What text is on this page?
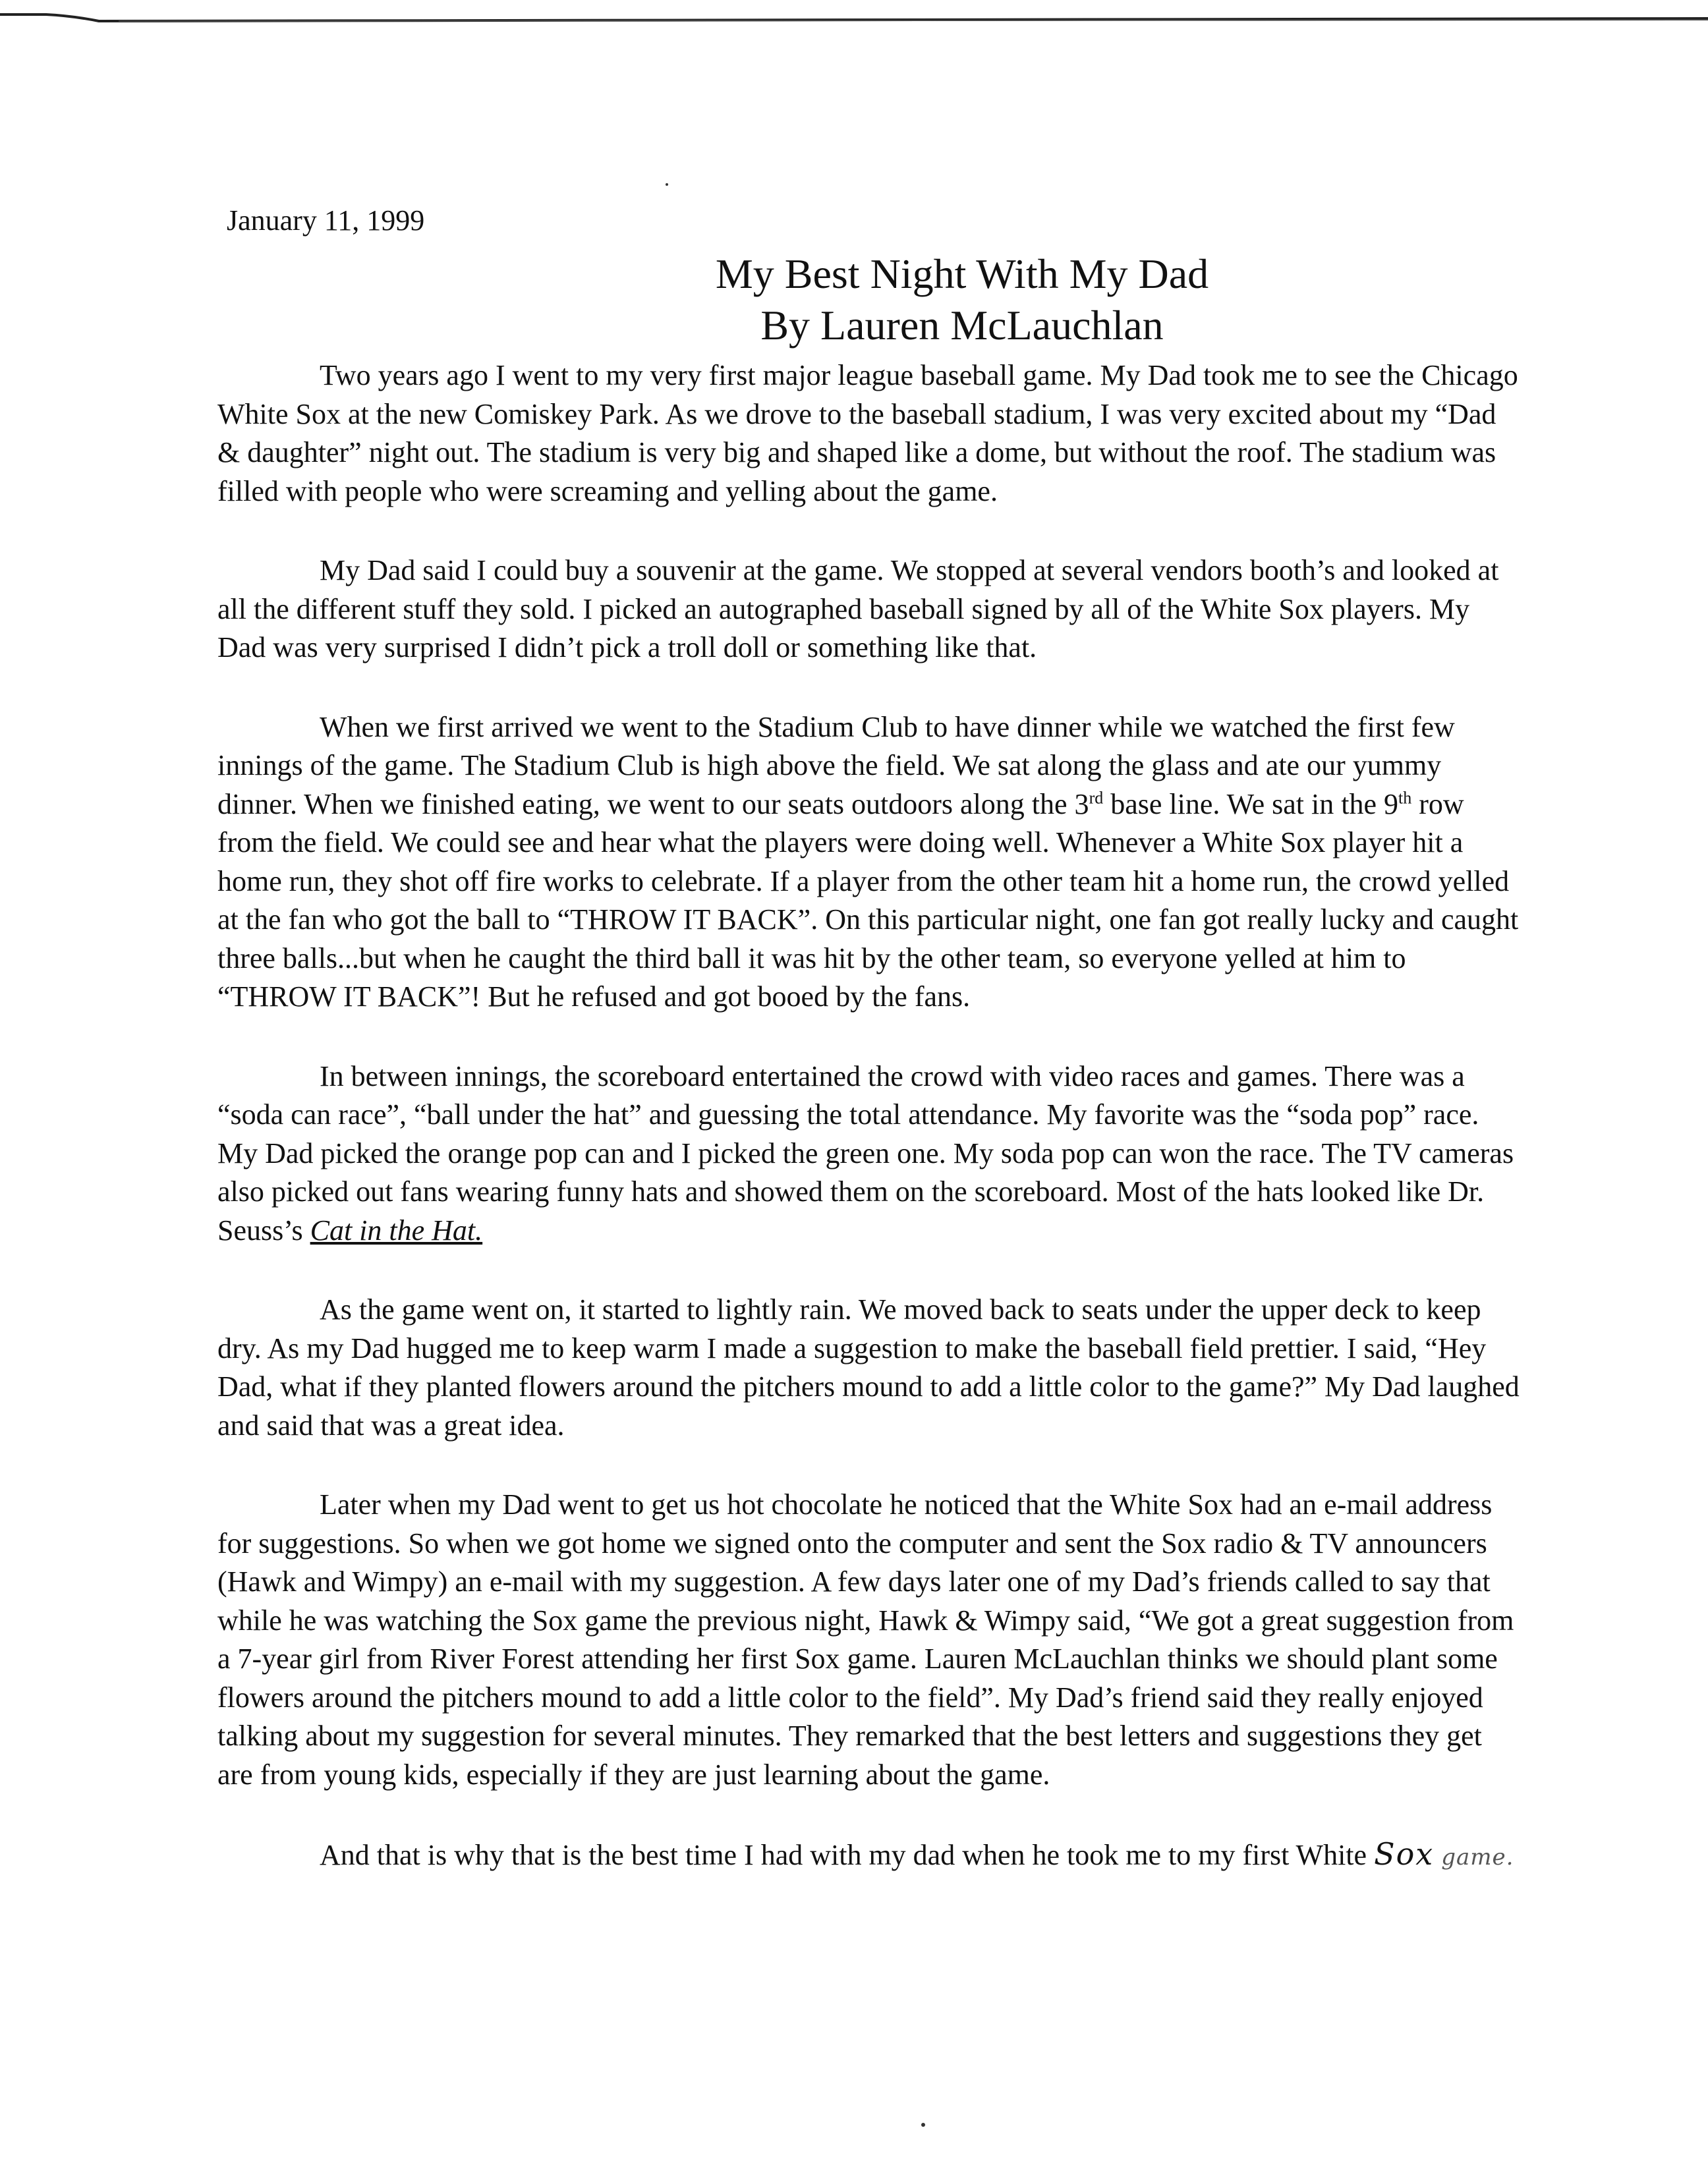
January 11, 1999
My Best Night With My Dad
By Lauren McLauchlan

Two years ago I went to my very first major league baseball game. My Dad took me to see the Chicago White Sox at the new Comiskey Park. As we drove to the baseball stadium, I was very excited about my “Dad & daughter” night out. The stadium is very big and shaped like a dome, but without the roof. The stadium was filled with people who were screaming and yelling about the game.

My Dad said I could buy a souvenir at the game. We stopped at several vendors booth’s and looked at all the different stuff they sold. I picked an autographed baseball signed by all of the White Sox players. My Dad was very surprised I didn’t pick a troll doll or something like that.

When we first arrived we went to the Stadium Club to have dinner while we watched the first few innings of the game. The Stadium Club is high above the field. We sat along the glass and ate our yummy dinner. When we finished eating, we went to our seats outdoors along the 3rd base line. We sat in the 9th row from the field. We could see and hear what the players were doing well. Whenever a White Sox player hit a home run, they shot off fire works to celebrate. If a player from the other team hit a home run, the crowd yelled at the fan who got the ball to “THROW IT BACK”. On this particular night, one fan got really lucky and caught three balls...but when he caught the third ball it was hit by the other team, so everyone yelled at him to “THROW IT BACK”! But he refused and got booed by the fans.

In between innings, the scoreboard entertained the crowd with video races and games. There was a “soda can race”, “ball under the hat” and guessing the total attendance. My favorite was the “soda pop” race. My Dad picked the orange pop can and I picked the green one. My soda pop can won the race. The TV cameras also picked out fans wearing funny hats and showed them on the scoreboard. Most of the hats looked like Dr. Seuss’s Cat in the Hat.

As the game went on, it started to lightly rain. We moved back to seats under the upper deck to keep dry. As my Dad hugged me to keep warm I made a suggestion to make the baseball field prettier. I said, “Hey Dad, what if they planted flowers around the pitchers mound to add a little color to the game?” My Dad laughed and said that was a great idea.

Later when my Dad went to get us hot chocolate he noticed that the White Sox had an e-mail address for suggestions. So when we got home we signed onto the computer and sent the Sox radio & TV announcers (Hawk and Wimpy) an e-mail with my suggestion. A few days later one of my Dad’s friends called to say that while he was watching the Sox game the previous night, Hawk & Wimpy said, “We got a great suggestion from a 7-year girl from River Forest attending her first Sox game. Lauren McLauchlan thinks we should plant some flowers around the pitchers mound to add a little color to the field”. My Dad’s friend said they really enjoyed talking about my suggestion for several minutes. They remarked that the best letters and suggestions they get are from young kids, especially if they are just learning about the game.

And that is why that is the best time I had with my dad when he took me to my first White Sox game.
